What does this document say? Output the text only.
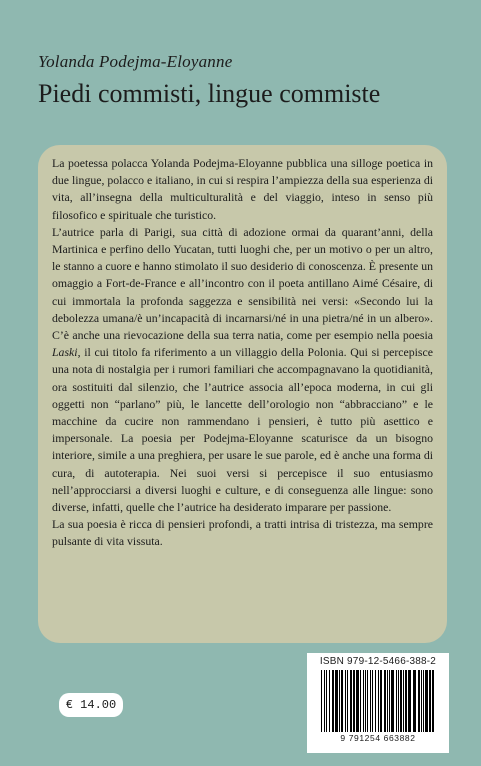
Yolanda Podejma-Eloyanne
Piedi commisti, lingue commiste

La poetessa polacca Yolanda Podejma-Eloyanne pubblica una silloge poetica in due lingue, polacco e italiano, in cui si respira l’ampiezza della sua esperienza di vita, all’insegna della multiculturalità e del viaggio, inteso in senso più filosofico e spirituale che turistico.

L’autrice parla di Parigi, sua città di adozione ormai da quarant’anni, della Martinica e perfino dello Yucatan, tutti luoghi che, per un motivo o per un altro, le stanno a cuore e hanno stimolato il suo desiderio di conoscenza. È presente un omaggio a Fort-de-France e all’incontro con il poeta antillano Aimé Césaire, di cui immortala la profonda saggezza e sensibilità nei versi: «Secondo lui la debolezza umana/è un’incapacità di incarnarsi/né in una pietra/né in un albero». C’è anche una rievocazione della sua terra natia, come per esempio nella poesia Laski, il cui titolo fa riferimento a un villaggio della Polonia. Qui si percepisce una nota di nostalgia per i rumori familiari che accompagnavano la quotidianità, ora sostituiti dal silenzio, che l’autrice associa all’epoca moderna, in cui gli oggetti non “parlano” più, le lancette dell’orologio non “abbracciano” e le macchine da cucire non rammendano i pensieri, è tutto più asettico e impersonale. La poesia per Podejma-Eloyanne scaturisce da un bisogno interiore, simile a una preghiera, per usare le sue parole, ed è anche una forma di cura, di autoterapia. Nei suoi versi si percepisce il suo entusiasmo nell’approcciarsi a diversi luoghi e culture, e di conseguenza alle lingue: sono diverse, infatti, quelle che l’autrice ha desiderato imparare per passione.

La sua poesia è ricca di pensieri profondi, a tratti intrisa di tristezza, ma sempre pulsante di vita vissuta.

ISBN 979-12-5466-388-2
9 791254 663882
€ 14.00
